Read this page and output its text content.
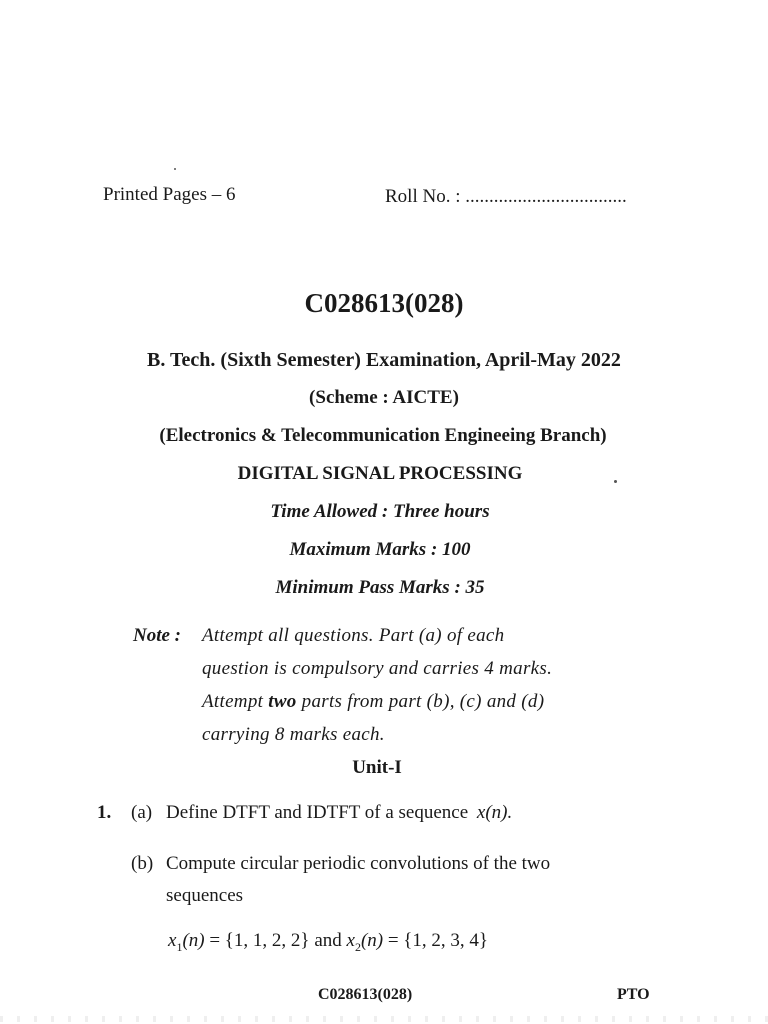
Printed Pages – 6	Roll No. : ..................................
C028613(028)
B. Tech. (Sixth Semester) Examination, April-May 2022
(Scheme : AICTE)
(Electronics & Telecommunication Engineeing Branch)
DIGITAL SIGNAL PROCESSING
Time Allowed : Three hours
Maximum Marks : 100
Minimum Pass Marks : 35
Note : Attempt all questions. Part (a) of each
question is compulsory and carries 4 marks.
Attempt two parts from part (b), (c) and (d)
carrying 8 marks each.
Unit-I
1. (a) Define DTFT and IDTFT of a sequence x(n).
(b) Compute circular periodic convolutions of the two
sequences
$x_1(n) = \{1$, 1, 2, 2} and $x_2(n) = \{1$, 2, 3, 4}
C028613(028)	PTO
